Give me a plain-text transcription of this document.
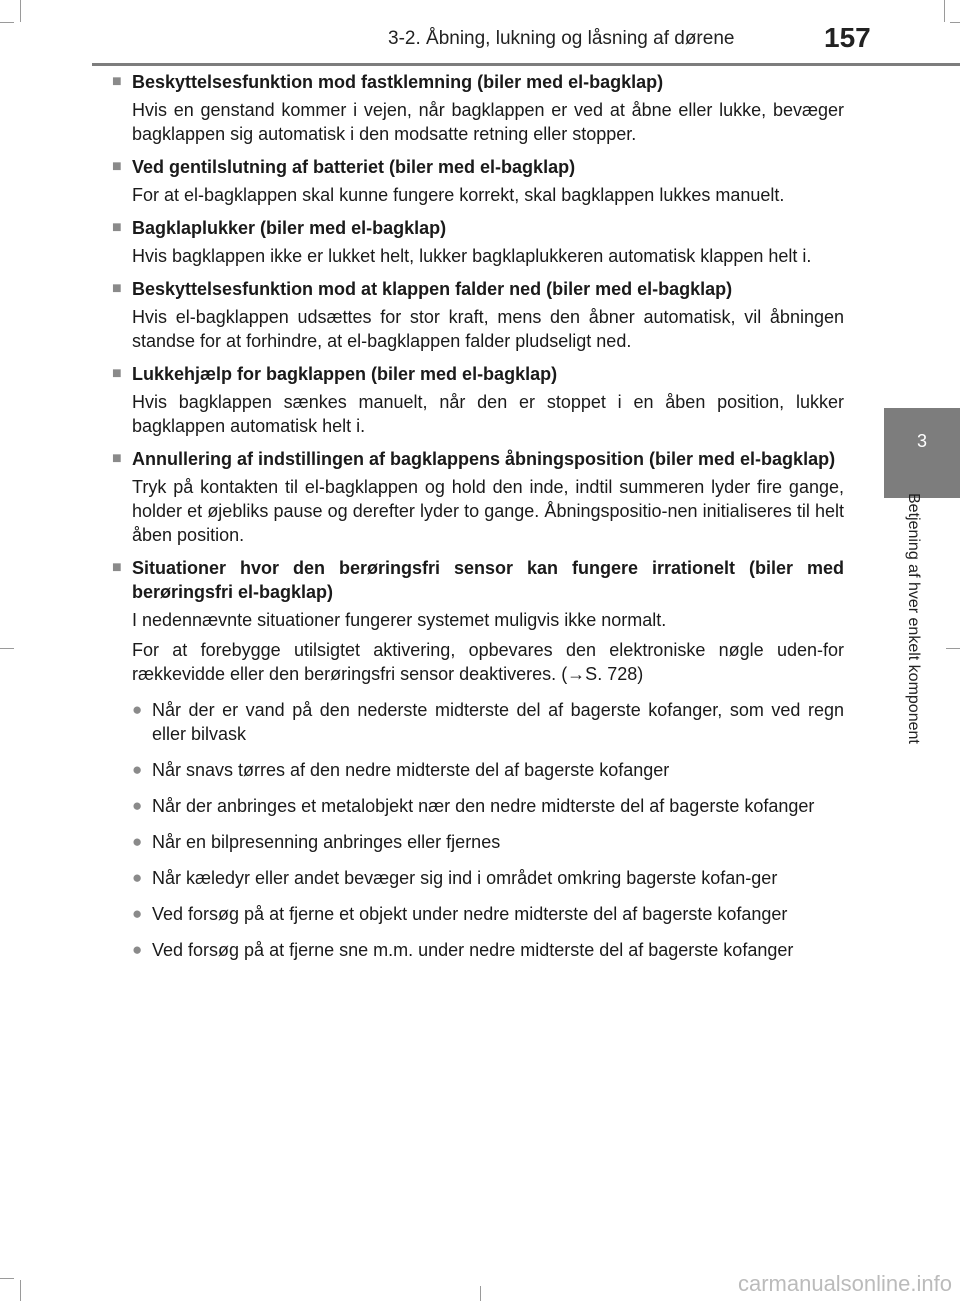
3-2. Åbning, lukning og låsning af dørene	157
3
Betjening af hver enkelt komponent
■ Beskyttelsesfunktion mod fastklemning (biler med el-bagklap)
Hvis en genstand kommer i vejen, når bagklappen er ved at åbne eller lukke, bevæger bagklappen sig automatisk i den modsatte retning eller stopper.
■ Ved gentilslutning af batteriet (biler med el-bagklap)
For at el-bagklappen skal kunne fungere korrekt, skal bagklappen lukkes manuelt.
■ Bagklaplukker (biler med el-bagklap)
Hvis bagklappen ikke er lukket helt, lukker bagklaplukkeren automatisk klappen helt i.
■ Beskyttelsesfunktion mod at klappen falder ned (biler med el-bagklap)
Hvis el-bagklappen udsættes for stor kraft, mens den åbner automatisk, vil åbningen standse for at forhindre, at el-bagklappen falder pludseligt ned.
■ Lukkehjælp for bagklappen (biler med el-bagklap)
Hvis bagklappen sænkes manuelt, når den er stoppet i en åben position, lukker bagklappen automatisk helt i.
■ Annullering af indstillingen af bagklappens åbningsposition (biler med el-bagklap)
Tryk på kontakten til el-bagklappen og hold den inde, indtil summeren lyder fire gange, holder et øjebliks pause og derefter lyder to gange. Åbningspositio-nen initialiseres til helt åben position.
■ Situationer hvor den berøringsfri sensor kan fungere irrationelt (biler med berøringsfri el-bagklap)
I nedennævnte situationer fungerer systemet muligvis ikke normalt.
For at forebygge utilsigtet aktivering, opbevares den elektroniske nøgle uden-for rækkevidde eller den berøringsfri sensor deaktiveres. (→S. 728)
● Når der er vand på den nederste midterste del af bagerste kofanger, som ved regn eller bilvask
● Når snavs tørres af den nedre midterste del af bagerste kofanger
● Når der anbringes et metalobjekt nær den nedre midterste del af bagerste kofanger
● Når en bilpresenning anbringes eller fjernes
● Når kæledyr eller andet bevæger sig ind i området omkring bagerste kofan-ger
● Ved forsøg på at fjerne et objekt under nedre midterste del af bagerste kofanger
● Ved forsøg på at fjerne sne m.m. under nedre midterste del af bagerste kofanger
carmanualsonline.info
